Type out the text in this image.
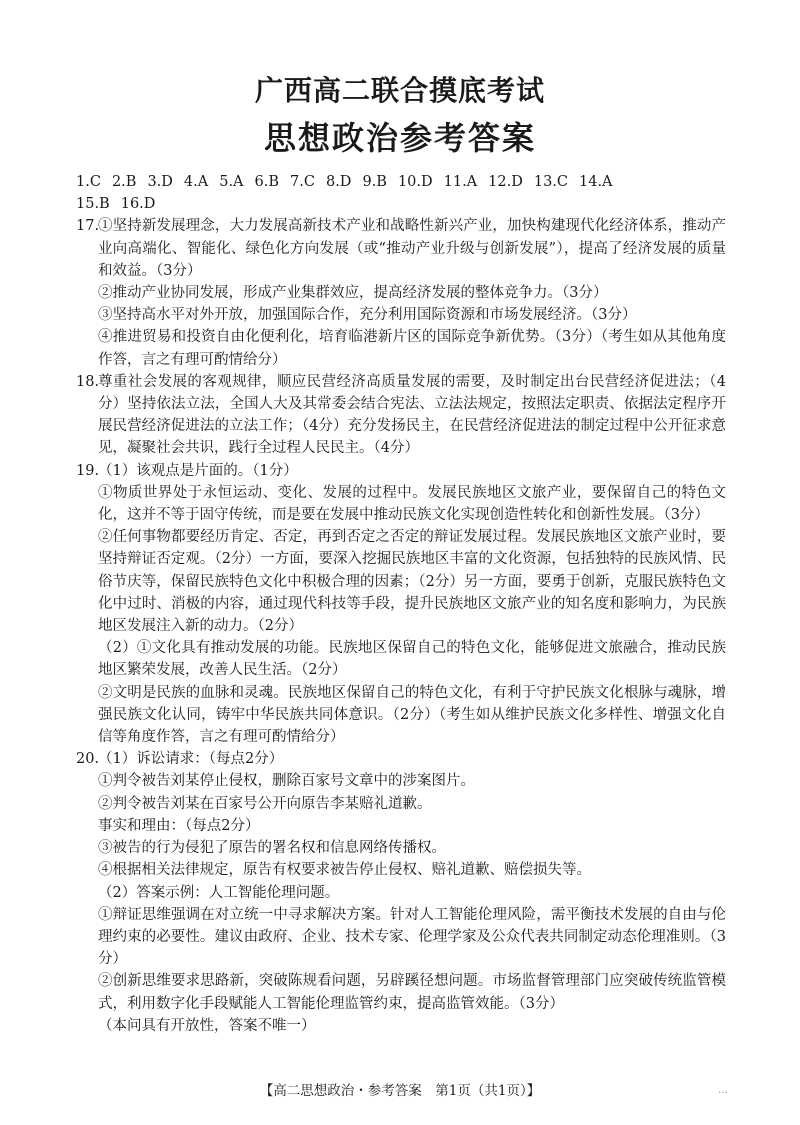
广西高二联合摸底考试
思想政治参考答案
1.C 2.B 3.D 4.A 5.A 6.B 7.C 8.D 9.B 10.D 11.A 12.D 13.C 14.A
15.B 16.D
17.

①坚持新发展理念，大力发展高新技术产业和战略性新兴产业，加快构建现代化经济体系，推动产业向高端化、智能化、绿色化方向发展（或“推动产业升级与创新发展”），提高了经济发展的质量和效益。（3分）

②推动产业协同发展，形成产业集群效应，提高经济发展的整体竞争力。（3分）

③坚持高水平对外开放，加强国际合作，充分利用国际资源和市场发展经济。（3分）

④推进贸易和投资自由化便利化，培育临港新片区的国际竞争新优势。（3分）（考生如从其他角度作答，言之有理可酌情给分）

18.

尊重社会发展的客观规律，顺应民营经济高质量发展的需要，及时制定出台民营经济促进法；（4分）坚持依法立法，全国人大及其常委会结合宪法、立法法规定，按照法定职责、依据法定程序开展民营经济促进法的立法工作；（4分）充分发扬民主，在民营经济促进法的制定过程中公开征求意见，凝聚社会共识，践行全过程人民民主。（4分）

19.

（1）该观点是片面的。（1分）

①物质世界处于永恒运动、变化、发展的过程中。发展民族地区文旅产业，要保留自己的特色文化，这并不等于固守传统，而是要在发展中推动民族文化实现创造性转化和创新性发展。（3分）

②任何事物都要经历肯定、否定，再到否定之否定的辩证发展过程。发展民族地区文旅产业时，要坚持辩证否定观。（2分）一方面，要深入挖掘民族地区丰富的文化资源，包括独特的民族风情、民俗节庆等，保留民族特色文化中积极合理的因素；（2分）另一方面，要勇于创新，克服民族特色文化中过时、消极的内容，通过现代科技等手段，提升民族地区文旅产业的知名度和影响力，为民族地区发展注入新的动力。（2分）

（2）①文化具有推动发展的功能。民族地区保留自己的特色文化，能够促进文旅融合，推动民族地区繁荣发展，改善人民生活。（2分）

②文明是民族的血脉和灵魂。民族地区保留自己的特色文化，有利于守护民族文化根脉与魂脉，增强民族文化认同，铸牢中华民族共同体意识。（2分）（考生如从维护民族文化多样性、增强文化自信等角度作答，言之有理可酌情给分）

20.

（1）诉讼请求：（每点2分）

①判令被告刘某停止侵权，删除百家号文章中的涉案图片。

②判令被告刘某在百家号公开向原告李某赔礼道歉。

事实和理由：（每点2分）

③被告的行为侵犯了原告的署名权和信息网络传播权。

④根据相关法律规定，原告有权要求被告停止侵权、赔礼道歉、赔偿损失等。

（2）答案示例：人工智能伦理问题。

①辩证思维强调在对立统一中寻求解决方案。针对人工智能伦理风险，需平衡技术发展的自由与伦理约束的必要性。建议由政府、企业、技术专家、伦理学家及公众代表共同制定动态伦理准则。（3分）

②创新思维要求思路新，突破陈规看问题，另辟蹊径想问题。市场监督管理部门应突破传统监管模式，利用数字化手段赋能人工智能伦理监管约束，提高监管效能。（3分）

（本问具有开放性，答案不唯一）

【高二思想政治・参考答案　第1页（共1页）】	…
